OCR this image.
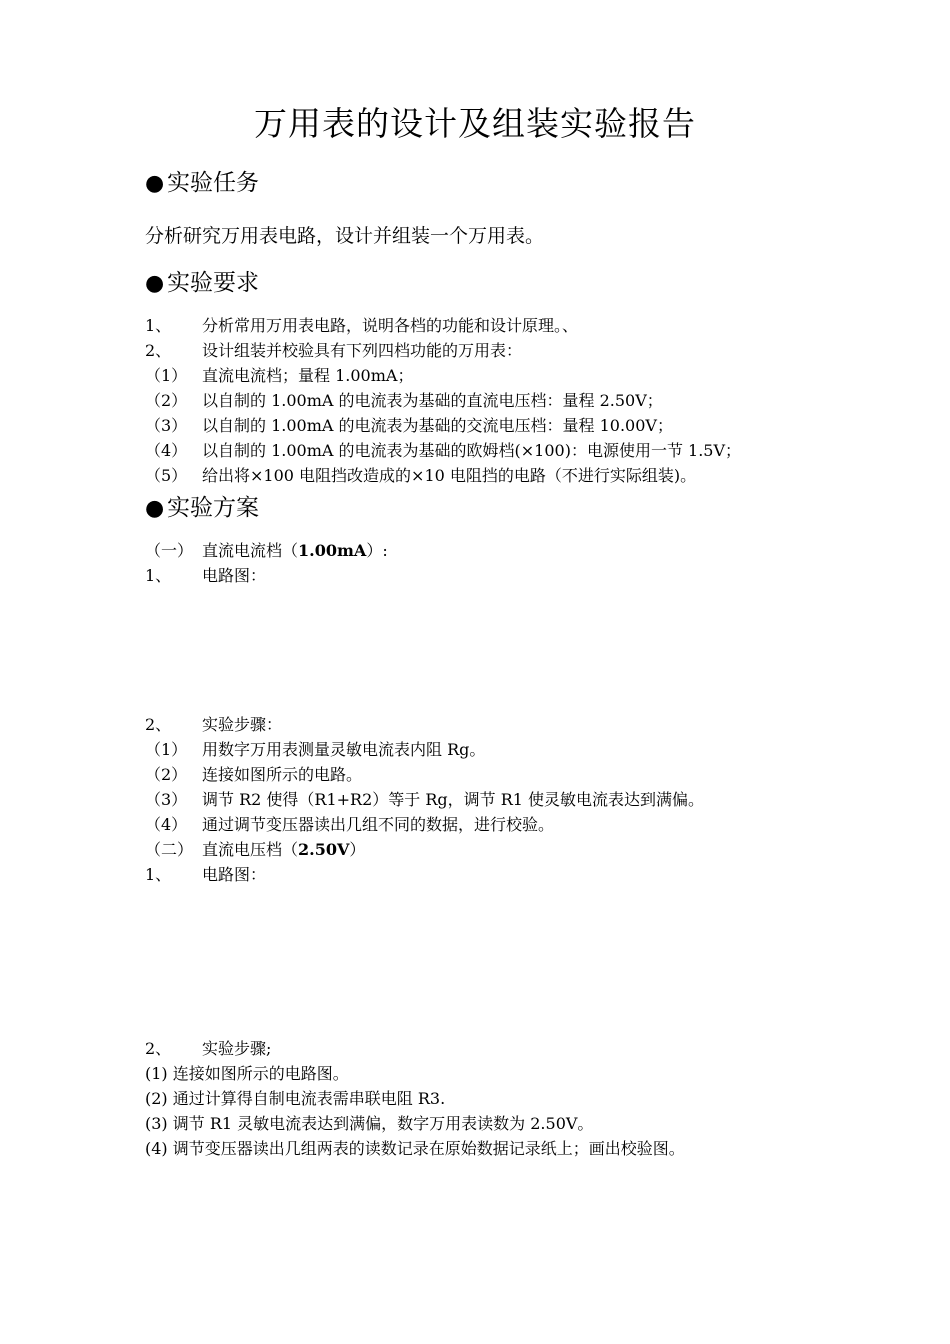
万用表的设计及组装实验报告
● 实验任务
分析研究万用表电路，设计并组装一个万用表。
● 实验要求
1、 分析常用万用表电路，说明各档的功能和设计原理。、
2、 设计组装并校验具有下列四档功能的万用表：
（1） 直流电流档；量程 1.00mA；
（2） 以自制的 1.00mA 的电流表为基础的直流电压档：量程 2.50V；
（3） 以自制的 1.00mA 的电流表为基础的交流电压档：量程 10.00V；
（4） 以自制的 1.00mA 的电流表为基础的欧姆档(×100)：电源使用一节 1.5V；
（5） 给出将×100 电阻挡改造成的×10 电阻挡的电路（不进行实际组装)。
● 实验方案
（一） 直流电流档（1.00mA）:
1、 电路图：
2、 实验步骤：
（1） 用数字万用表测量灵敏电流表内阻 Rg。
（2） 连接如图所示的电路。
（3） 调节 R2 使得（R1+R2）等于 Rg，调节 R1 使灵敏电流表达到满偏。
（4） 通过调节变压器读出几组不同的数据，进行校验。
（二） 直流电压档（2.50V）
1、 电路图：
2、 实验步骤;
(1) 连接如图所示的电路图。
(2) 通过计算得自制电流表需串联电阻 R3.
(3) 调节 R1 灵敏电流表达到满偏，数字万用表读数为 2.50V。
(4) 调节变压器读出几组两表的读数记录在原始数据记录纸上；画出校验图。
